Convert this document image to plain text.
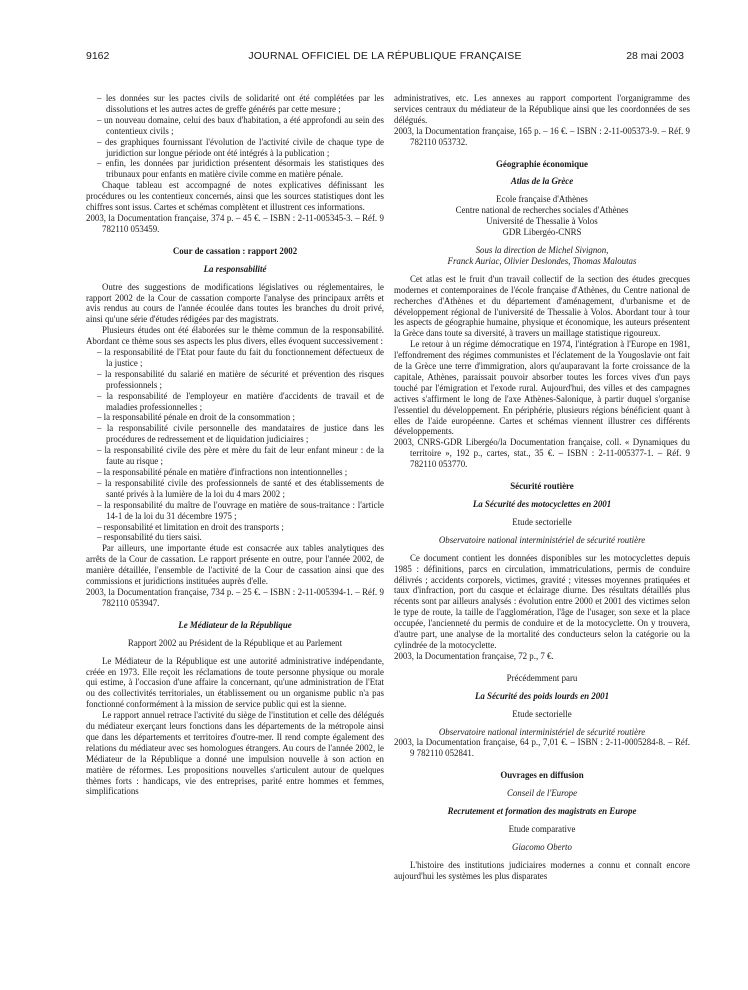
9162	JOURNAL OFFICIEL DE LA RÉPUBLIQUE FRANÇAISE	28 mai 2003
– les données sur les pactes civils de solidarité ont été complétées par les dissolutions et les autres actes de greffe générés par cette mesure ;
– un nouveau domaine, celui des baux d'habitation, a été approfondi au sein des contentieux civils ;
– des graphiques fournissant l'évolution de l'activité civile de chaque type de juridiction sur longue période ont été intégrés à la publication ;
– enfin, les données par juridiction présentent désormais les statistiques des tribunaux pour enfants en matière civile comme en matière pénale.

Chaque tableau est accompagné de notes explicatives définissant les procédures ou les contentieux concernés, ainsi que les sources statistiques dont les chiffres sont issus. Cartes et schémas complètent et illustrent ces informations.

2003, la Documentation française, 374 p. – 45 €. – ISBN : 2-11-005345-3. – Réf. 9 782110 053459.

Cour de cassation : rapport 2002

La responsabilité

Outre des suggestions de modifications législatives ou réglementaires, le rapport 2002 de la Cour de cassation comporte l'analyse des principaux arrêts et avis rendus au cours de l'année écoulée dans toutes les branches du droit privé, ainsi qu'une série d'études rédigées par des magistrats.

Plusieurs études ont été élaborées sur le thème commun de la responsabilité. Abordant ce thème sous ses aspects les plus divers, elles évoquent successivement :

– la responsabilité de l'Etat pour faute du fait du fonctionnement défectueux de la justice ;
– la responsabilité du salarié en matière de sécurité et prévention des risques professionnels ;
– la responsabilité de l'employeur en matière d'accidents de travail et de maladies professionnelles ;
– la responsabilité pénale en droit de la consommation ;
– la responsabilité civile personnelle des mandataires de justice dans les procédures de redressement et de liquidation judiciaires ;
– la responsabilité civile des père et mère du fait de leur enfant mineur : de la faute au risque ;
– la responsabilité pénale en matière d'infractions non intentionnelles ;
– la responsabilité civile des professionnels de santé et des établissements de santé privés à la lumière de la loi du 4 mars 2002 ;
– la responsabilité du maître de l'ouvrage en matière de sous-traitance : l'article 14-1 de la loi du 31 décembre 1975 ;
– responsabilité et limitation en droit des transports ;
– responsabilité du tiers saisi.

Par ailleurs, une importante étude est consacrée aux tables analytiques des arrêts de la Cour de cassation. Le rapport présente en outre, pour l'année 2002, de manière détaillée, l'ensemble de l'activité de la Cour de cassation ainsi que des commissions et juridictions instituées auprès d'elle.

2003, la Documentation française, 734 p. – 25 €. – ISBN : 2-11-005394-1. – Réf. 9 782110 053947.

Le Médiateur de la République

Rapport 2002 au Président de la République et au Parlement

Le Médiateur de la République est une autorité administrative indépendante, créée en 1973. Elle reçoit les réclamations de toute personne physique ou morale qui estime, à l'occasion d'une affaire la concernant, qu'une administration de l'Etat ou des collectivités territoriales, un établissement ou un organisme public n'a pas fonctionné conformément à la mission de service public qui est la sienne.

Le rapport annuel retrace l'activité du siège de l'institution et celle des délégués du médiateur exerçant leurs fonctions dans les départements de la métropole ainsi que dans les départements et territoires d'outre-mer. Il rend compte également des relations du médiateur avec ses homologues étrangers. Au cours de l'année 2002, le Médiateur de la République a donné une impulsion nouvelle à son action en matière de réformes. Les propositions nouvelles s'articulent autour de quelques thèmes forts : handicaps, vie des entreprises, parité entre hommes et femmes, simplifications

administratives, etc. Les annexes au rapport comportent l'organigramme des services centraux du médiateur de la République ainsi que les coordonnées de ses délégués.

2003, la Documentation française, 165 p. – 16 €. – ISBN : 2-11-005373-9. – Réf. 9 782110 053732.

Géographie économique

Atlas de la Grèce

Ecole française d'Athènes

Centre national de recherches sociales d'Athènes

Université de Thessalie à Volos

GDR Libergéo-CNRS

Sous la direction de Michel Sivignon,

Franck Auriac, Olivier Deslondes, Thomas Maloutas

Cet atlas est le fruit d'un travail collectif de la section des études grecques modernes et contemporaines de l'école française d'Athènes, du Centre national de recherches d'Athènes et du département d'aménagement, d'urbanisme et de développement régional de l'université de Thessalie à Volos. Abordant tour à tour les aspects de géographie humaine, physique et économique, les auteurs présentent la Grèce dans toute sa diversité, à travers un maillage statistique rigoureux.

Le retour à un régime démocratique en 1974, l'intégration à l'Europe en 1981, l'effondrement des régimes communistes et l'éclatement de la Yougoslavie ont fait de la Grèce une terre d'immigration, alors qu'auparavant la forte croissance de la capitale, Athènes, paraissait pouvoir absorber toutes les forces vives d'un pays touché par l'émigration et l'exode rural. Aujourd'hui, des villes et des campagnes actives s'affirment le long de l'axe Athènes-Salonique, à partir duquel s'organise l'essentiel du développement. En périphérie, plusieurs régions bénéficient quant à elles de l'aide européenne. Cartes et schémas viennent illustrer ces différents développements.

2003, CNRS-GDR Libergéo/la Documentation française, coll. « Dynamiques du territoire », 192 p., cartes, stat., 35 €. – ISBN : 2-11-005377-1. – Réf. 9 782110 053770.

Sécurité routière

La Sécurité des motocyclettes en 2001

Etude sectorielle

Observatoire national interministériel de sécurité routière

Ce document contient les données disponibles sur les motocyclettes depuis 1985 : définitions, parcs en circulation, immatriculations, permis de conduire délivrés ; accidents corporels, victimes, gravité ; vitesses moyennes pratiquées et taux d'infraction, port du casque et éclairage diurne. Des résultats détaillés plus récents sont par ailleurs analysés : évolution entre 2000 et 2001 des victimes selon le type de route, la taille de l'agglomération, l'âge de l'usager, son sexe et la place occupée, l'ancienneté du permis de conduire et de la motocyclette. On y trouvera, d'autre part, une analyse de la mortalité des conducteurs selon la catégorie ou la cylindrée de la motocyclette.

2003, la Documentation française, 72 p., 7 €.

Précédemment paru

La Sécurité des poids lourds en 2001

Etude sectorielle

Observatoire national interministériel de sécurité routière

2003, la Documentation française, 64 p., 7,01 €. – ISBN : 2-11-0005284-8. – Réf. 9 782110 052841.

Ouvrages en diffusion

Conseil de l'Europe

Recrutement et formation des magistrats en Europe

Etude comparative

Giacomo Oberto

L'histoire des institutions judiciaires modernes a connu et connaît encore aujourd'hui les systèmes les plus disparates
